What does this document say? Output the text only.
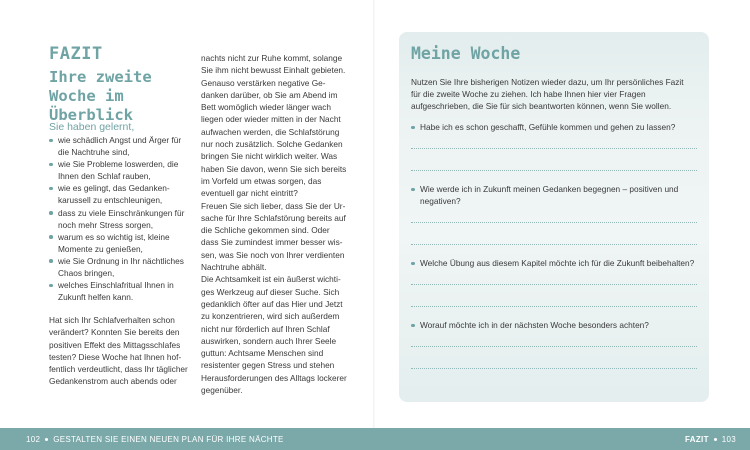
FAZIT
Ihre zweite Woche im Überblick
Sie haben gelernt,
wie schädlich Angst und Ärger für die Nachtruhe sind,
wie Sie Probleme loswerden, die Ihnen den Schlaf rauben,
wie es gelingt, das Gedankenkarussell zu entschleunigen,
dass zu viele Einschränkungen für noch mehr Stress sorgen,
warum es so wichtig ist, kleine Momente zu genießen,
wie Sie Ordnung in Ihr nächtliches Chaos bringen,
welches Einschlafritual Ihnen in Zukunft helfen kann.

Hat sich Ihr Schlafverhalten schon verändert? Konnten Sie bereits den positiven Effekt des Mittagsschlafes testen? Diese Woche hat Ihnen hoffentlich verdeutlicht, dass Ihr täglicher Gedankenstrom auch abends oder

nachts nicht zur Ruhe kommt, solange Sie ihm nicht bewusst Einhalt gebieten. Genauso verstärken negative Gedanken darüber, ob Sie am Abend im Bett womöglich wieder länger wach liegen oder wieder mitten in der Nacht aufwachen werden, die Schlafstörung nur noch zusätzlich. Solche Gedanken bringen Sie nicht wirklich weiter. Was haben Sie davon, wenn Sie sich bereits im Vorfeld um etwas sorgen, das eventuell gar nicht eintritt?

Freuen Sie sich lieber, dass Sie der Ursache für Ihre Schlafstörung bereits auf die Schliche gekommen sind. Oder dass Sie zumindest immer besser wissen, was Sie noch von Ihrer verdienten Nachtruhe abhält.

Die Achtsamkeit ist ein äußerst wichtiges Werkzeug auf dieser Suche. Sich gedanklich öfter auf das Hier und Jetzt zu konzentrieren, wird sich außerdem nicht nur förderlich auf Ihren Schlaf auswirken, sondern auch Ihrer Seele guttun: Achtsame Menschen sind resistenter gegen Stress und stehen Herausforderungen des Alltags lockerer gegenüber.

Meine Woche

Nutzen Sie Ihre bisherigen Notizen wieder dazu, um Ihr persönliches Fazit für die zweite Woche zu ziehen. Ich habe Ihnen hier vier Fragen aufgeschrieben, die Sie für sich beantworten können, wenn Sie wollen.

Habe ich es schon geschafft, Gefühle kommen und gehen zu lassen?
Wie werde ich in Zukunft meinen Gedanken begegnen – positiven und negativen?
Welche Übung aus diesem Kapitel möchte ich für die Zukunft beibehalten?
Worauf möchte ich in der nächsten Woche besonders achten?
102 GESTALTEN SIE EINEN NEUEN PLAN FÜR IHRE NÄCHTE	FAZIT 103
